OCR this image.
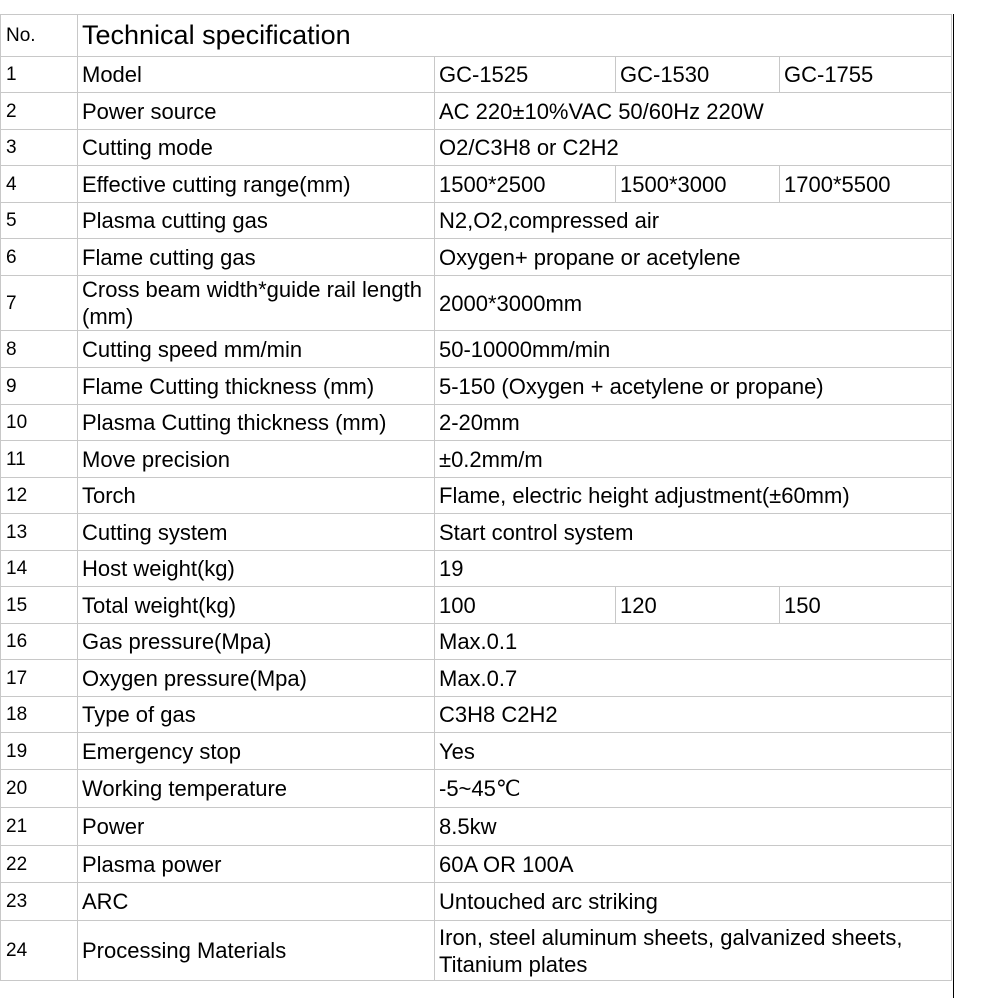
No.	Technical specification			
1	Model	GC-1525	GC-1530	GC-1755
2	Power source	AC 220±10%VAC 50/60Hz 220W		
3	Cutting mode	O2/C3H8 or C2H2		
4	Effective cutting range(mm)	1500*2500	1500*3000	1700*5500
5	Plasma cutting gas	N2,O2,compressed air		
6	Flame cutting gas	Oxygen+ propane or acetylene		
7	Cross beam width*guide rail length (mm)	2000*3000mm		
8	Cutting speed mm/min	50-10000mm/min		
9	Flame Cutting thickness (mm)	5-150 (Oxygen + acetylene or propane)		
10	Plasma Cutting thickness (mm)	2-20mm		
11	Move precision	±0.2mm/m		
12	Torch	Flame, electric height adjustment(±60mm)		
13	Cutting system	Start control system		
14	Host weight(kg)	19		
15	Total weight(kg)	100	120	150
16	Gas pressure(Mpa)	Max.0.1		
17	Oxygen pressure(Mpa)	Max.0.7		
18	Type of gas	C3H8 C2H2		
19	Emergency stop	Yes		
20	Working temperature	-5~45℃		
21	Power	8.5kw		
22	Plasma power	60A OR 100A		
23	ARC	Untouched arc striking		
24	Processing Materials	Iron, steel aluminum sheets, galvanized sheets, Titanium plates		
